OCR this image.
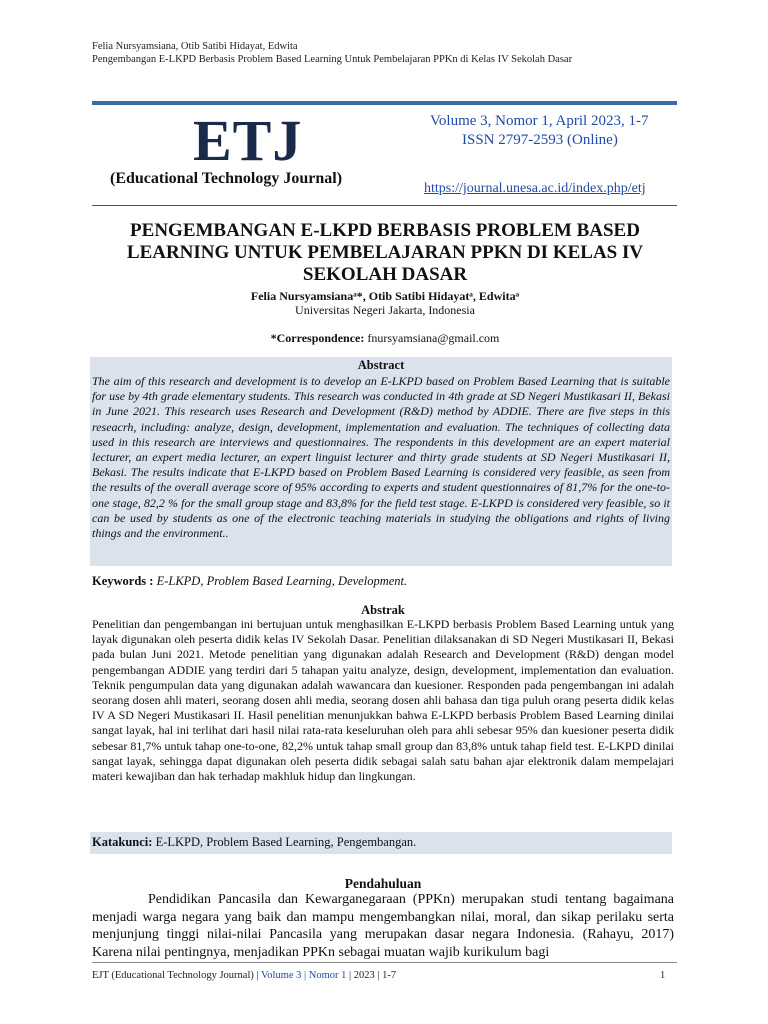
Felia Nursyamsiana, Otib Satibi Hidayat, Edwita
Pengembangan E-LKPD Berbasis Problem Based Learning Untuk Pembelajaran PPKn di Kelas IV Sekolah Dasar
ETJ
(Educational Technology Journal)
Volume 3, Nomor 1, April 2023, 1-7
ISSN 2797-2593 (Online)
https://journal.unesa.ac.id/index.php/etj
PENGEMBANGAN E-LKPD BERBASIS PROBLEM BASED LEARNING UNTUK PEMBELAJARAN PPKN DI KELAS IV SEKOLAH DASAR
Felia Nursyamsianaᵃ*, Otib Satibi Hidayatᵃ, Edwitaᵃ
Universitas Negeri Jakarta, Indonesia
*Correspondence: fnursyamsiana@gmail.com
Abstract
The aim of this research and development is to develop an E-LKPD based on Problem Based Learning that is suitable for use by 4th grade elementary students. This research was conducted in 4th grade at SD Negeri Mustikasari II, Bekasi in June 2021. This research uses Research and Development (R&D) method by ADDIE. There are five steps in this reseacrh, including: analyze, design, development, implementation and evaluation. The techniques of collecting data used in this research are interviews and questionnaires. The respondents in this development are an expert material lecturer, an expert media lecturer, an expert linguist lecturer and thirty grade students at SD Negeri Mustikasari II, Bekasi. The results indicate that E-LKPD based on Problem Based Learning is considered very feasible, as seen from the results of the overall average score of 95% according to experts and student questionnaires of 81,7% for the one-to-one stage, 82,2 % for the small group stage and 83,8% for the field test stage. E-LKPD is considered very feasible, so it can be used by students as one of the electronic teaching materials in studying the obligations and rights of living things and the environment..
Keywords : E-LKPD, Problem Based Learning, Development.
Abstrak
Penelitian dan pengembangan ini bertujuan untuk menghasilkan E-LKPD berbasis Problem Based Learning untuk yang layak digunakan oleh peserta didik kelas IV Sekolah Dasar. Penelitian dilaksanakan di SD Negeri Mustikasari II, Bekasi pada bulan Juni 2021. Metode penelitian yang digunakan adalah Research and Development (R&D) dengan model pengembangan ADDIE yang terdiri dari 5 tahapan yaitu analyze, design, development, implementation dan evaluation. Teknik pengumpulan data yang digunakan adalah wawancara dan kuesioner. Responden pada pengembangan ini adalah seorang dosen ahli materi, seorang dosen ahli media, seorang dosen ahli bahasa dan tiga puluh orang peserta didik kelas IV A SD Negeri Mustikasari II. Hasil penelitian menunjukkan bahwa E-LKPD berbasis Problem Based Learning dinilai sangat layak, hal ini terlihat dari hasil nilai rata-rata keseluruhan oleh para ahli sebesar 95% dan kuesioner peserta didik sebesar 81,7% untuk tahap one-to-one, 82,2% untuk tahap small group dan 83,8% untuk tahap field test. E-LKPD dinilai sangat layak, sehingga dapat digunakan oleh peserta didik sebagai salah satu bahan ajar elektronik dalam mempelajari materi kewajiban dan hak terhadap makhluk hidup dan lingkungan.
Katakunci: E-LKPD, Problem Based Learning, Pengembangan.
Pendahuluan
Pendidikan Pancasila dan Kewarganegaraan (PPKn) merupakan studi tentang bagaimana menjadi warga negara yang baik dan mampu mengembangkan nilai, moral, dan sikap perilaku serta menjunjung tinggi nilai-nilai Pancasila yang merupakan dasar negara Indonesia. (Rahayu, 2017) Karena nilai pentingnya, menjadikan PPKn sebagai muatan wajib kurikulum bagi
EJT (Educational Technology Journal) | Volume 3 | Nomor 1 | 2023 | 1-7	1
